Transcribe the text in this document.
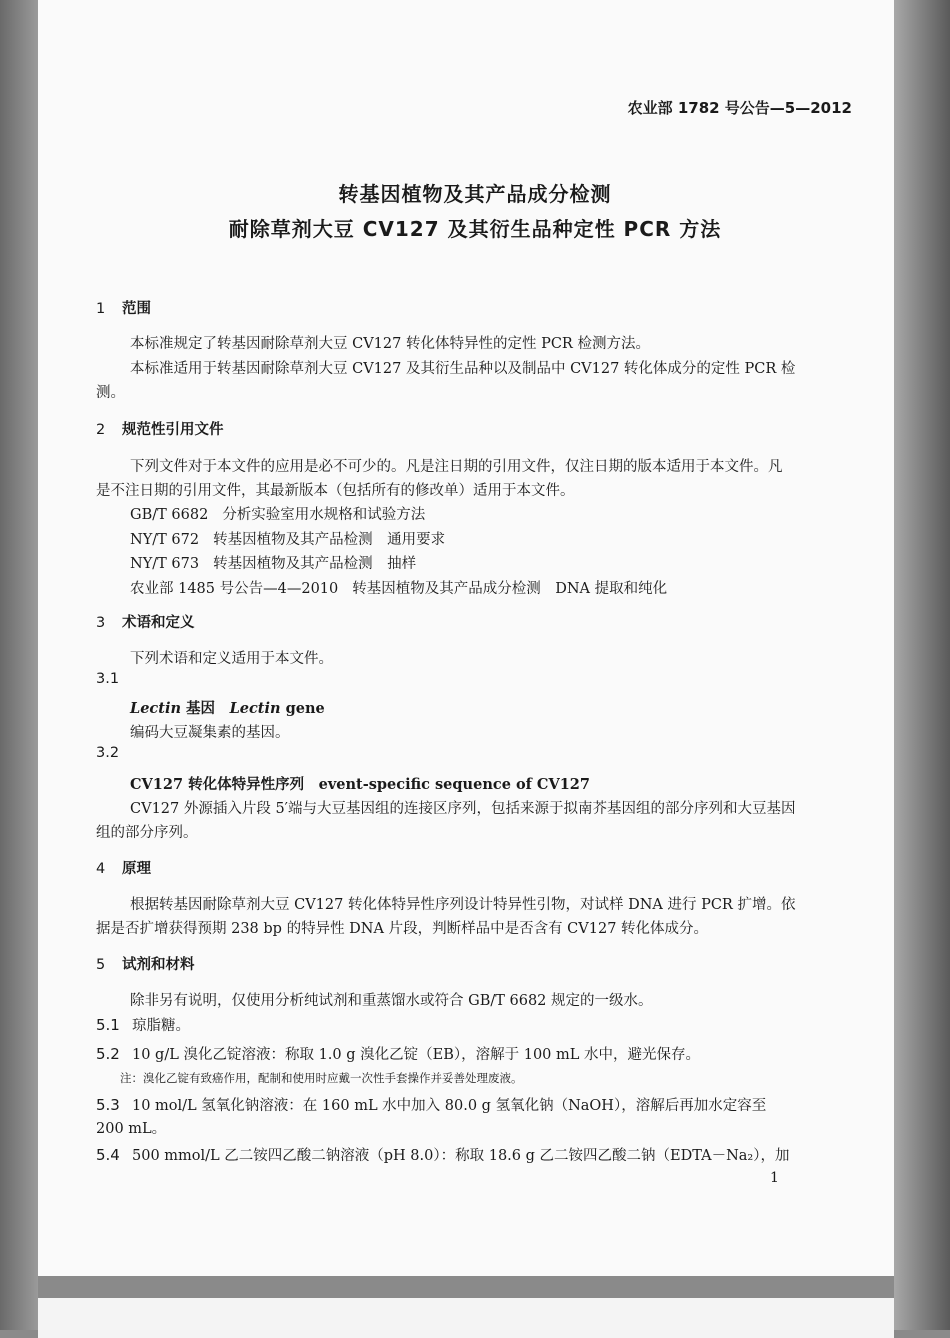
农业部 1782 号公告—5—2012
转基因植物及其产品成分检测
耐除草剂大豆 CV127 及其衍生品种定性 PCR 方法
1 范围
本标准规定了转基因耐除草剂大豆 CV127 转化体特异性的定性 PCR 检测方法。
本标准适用于转基因耐除草剂大豆 CV127 及其衍生品种以及制品中 CV127 转化体成分的定性 PCR 检测。
2 规范性引用文件
下列文件对于本文件的应用是必不可少的。凡是注日期的引用文件，仅注日期的版本适用于本文件。凡是不注日期的引用文件，其最新版本（包括所有的修改单）适用于本文件。
GB/T 6682 分析实验室用水规格和试验方法
NY/T 672 转基因植物及其产品检测　通用要求
NY/T 673 转基因植物及其产品检测　抽样
农业部 1485 号公告—4—2010 转基因植物及其产品成分检测　DNA 提取和纯化
3 术语和定义
下列术语和定义适用于本文件。
3.1
Lectin 基因　Lectin gene
编码大豆凝集素的基因。
3.2
CV127 转化体特异性序列　event-specific sequence of CV127
CV127 外源插入片段 5′端与大豆基因组的连接区序列，包括来源于拟南芥基因组的部分序列和大豆基因组的部分序列。
4 原理
根据转基因耐除草剂大豆 CV127 转化体特异性序列设计特异性引物，对试样 DNA 进行 PCR 扩增。依据是否扩增获得预期 238 bp 的特异性 DNA 片段，判断样品中是否含有 CV127 转化体成分。
5 试剂和材料
除非另有说明，仅使用分析纯试剂和重蒸馏水或符合 GB/T 6682 规定的一级水。
5.1 琼脂糖。
5.2 10 g/L 溴化乙锭溶液：称取 1.0 g 溴化乙锭（EB），溶解于 100 mL 水中，避光保存。
注：溴化乙锭有致癌作用，配制和使用时应戴一次性手套操作并妥善处理废液。
5.3 10 mol/L 氢氧化钠溶液：在 160 mL 水中加入 80.0 g 氢氧化钠（NaOH），溶解后再加水定容至
200 mL。
5.4 500 mmol/L 乙二铵四乙酸二钠溶液（pH 8.0）：称取 18.6 g 乙二铵四乙酸二钠（EDTA－Na₂），加
1
